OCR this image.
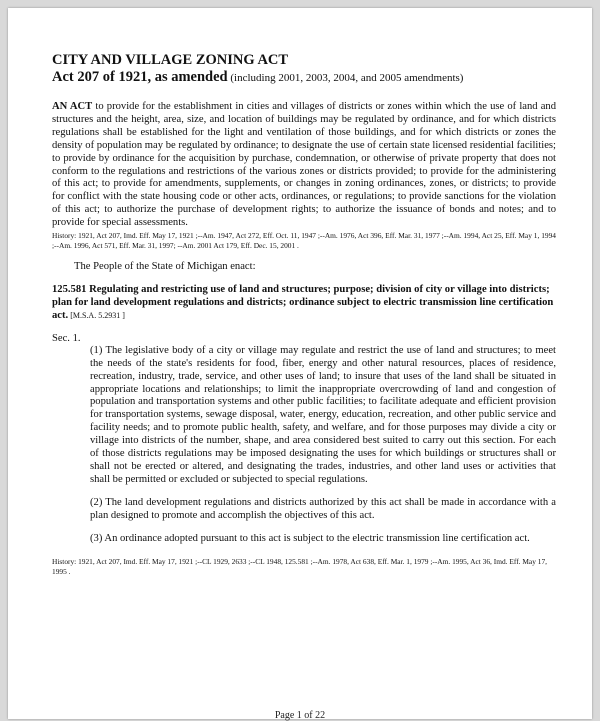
CITY AND VILLAGE ZONING ACT

Act 207 of 1921, as amended (including 2001, 2003, 2004, and 2005 amendments)

AN ACT to provide for the establishment in cities and villages of districts or zones within which the use of land and structures and the height, area, size, and location of buildings may be regulated by ordinance, and for which districts regulations shall be established for the light and ventilation of those buildings, and for which districts or zones the density of population may be regulated by ordinance; to designate the use of certain state licensed residential facilities; to provide by ordinance for the acquisition by purchase, condemnation, or otherwise of private property that does not conform to the regulations and restrictions of the various zones or districts provided; to provide for the administering of this act; to provide for amendments, supplements, or changes in zoning ordinances, zones, or districts; to provide for conflict with the state housing code or other acts, ordinances, or regulations; to provide sanctions for the violation of this act; to authorize the purchase of development rights; to authorize the issuance of bonds and notes; and to provide for special assessments.

History: 1921, Act 207, Imd. Eff. May 17, 1921 ;--Am. 1947, Act 272, Eff. Oct. 11, 1947 ;--Am. 1976, Act 396, Eff. Mar. 31, 1977 ;--Am. 1994, Act 25, Eff. May 1, 1994 ;--Am. 1996, Act 571, Eff. Mar. 31, 1997; --Am. 2001 Act 179, Eff. Dec. 15, 2001 .

The People of the State of Michigan enact:

125.581 Regulating and restricting use of land and structures; purpose; division of city or village into districts; plan for land development regulations and districts; ordinance subject to electric transmission line certification act. [M.S.A. 5.2931 ]

Sec. 1.

(1) The legislative body of a city or village may regulate and restrict the use of land and structures; to meet the needs of the state's residents for food, fiber, energy and other natural resources, places of residence, recreation, industry, trade, service, and other uses of land; to insure that uses of the land shall be situated in appropriate locations and relationships; to limit the inappropriate overcrowding of land and congestion of population and transportation systems and other public facilities; to facilitate adequate and efficient provision for transportation systems, sewage disposal, water, energy, education, recreation, and other public service and facility needs; and to promote public health, safety, and welfare, and for those purposes may divide a city or village into districts of the number, shape, and area considered best suited to carry out this section. For each of those districts regulations may be imposed designating the uses for which buildings or structures shall or shall not be erected or altered, and designating the trades, industries, and other land uses or activities that shall be permitted or excluded or subjected to special regulations.

(2) The land development regulations and districts authorized by this act shall be made in accordance with a plan designed to promote and accomplish the objectives of this act.

(3) An ordinance adopted pursuant to this act is subject to the electric transmission line certification act.

History: 1921, Act 207, Imd. Eff. May 17, 1921 ;--CL 1929, 2633 ;--CL 1948, 125.581 ;--Am. 1978, Act 638, Eff. Mar. 1, 1979 ;--Am. 1995, Act 36, Imd. Eff. May 17, 1995 .

Page 1 of 22
